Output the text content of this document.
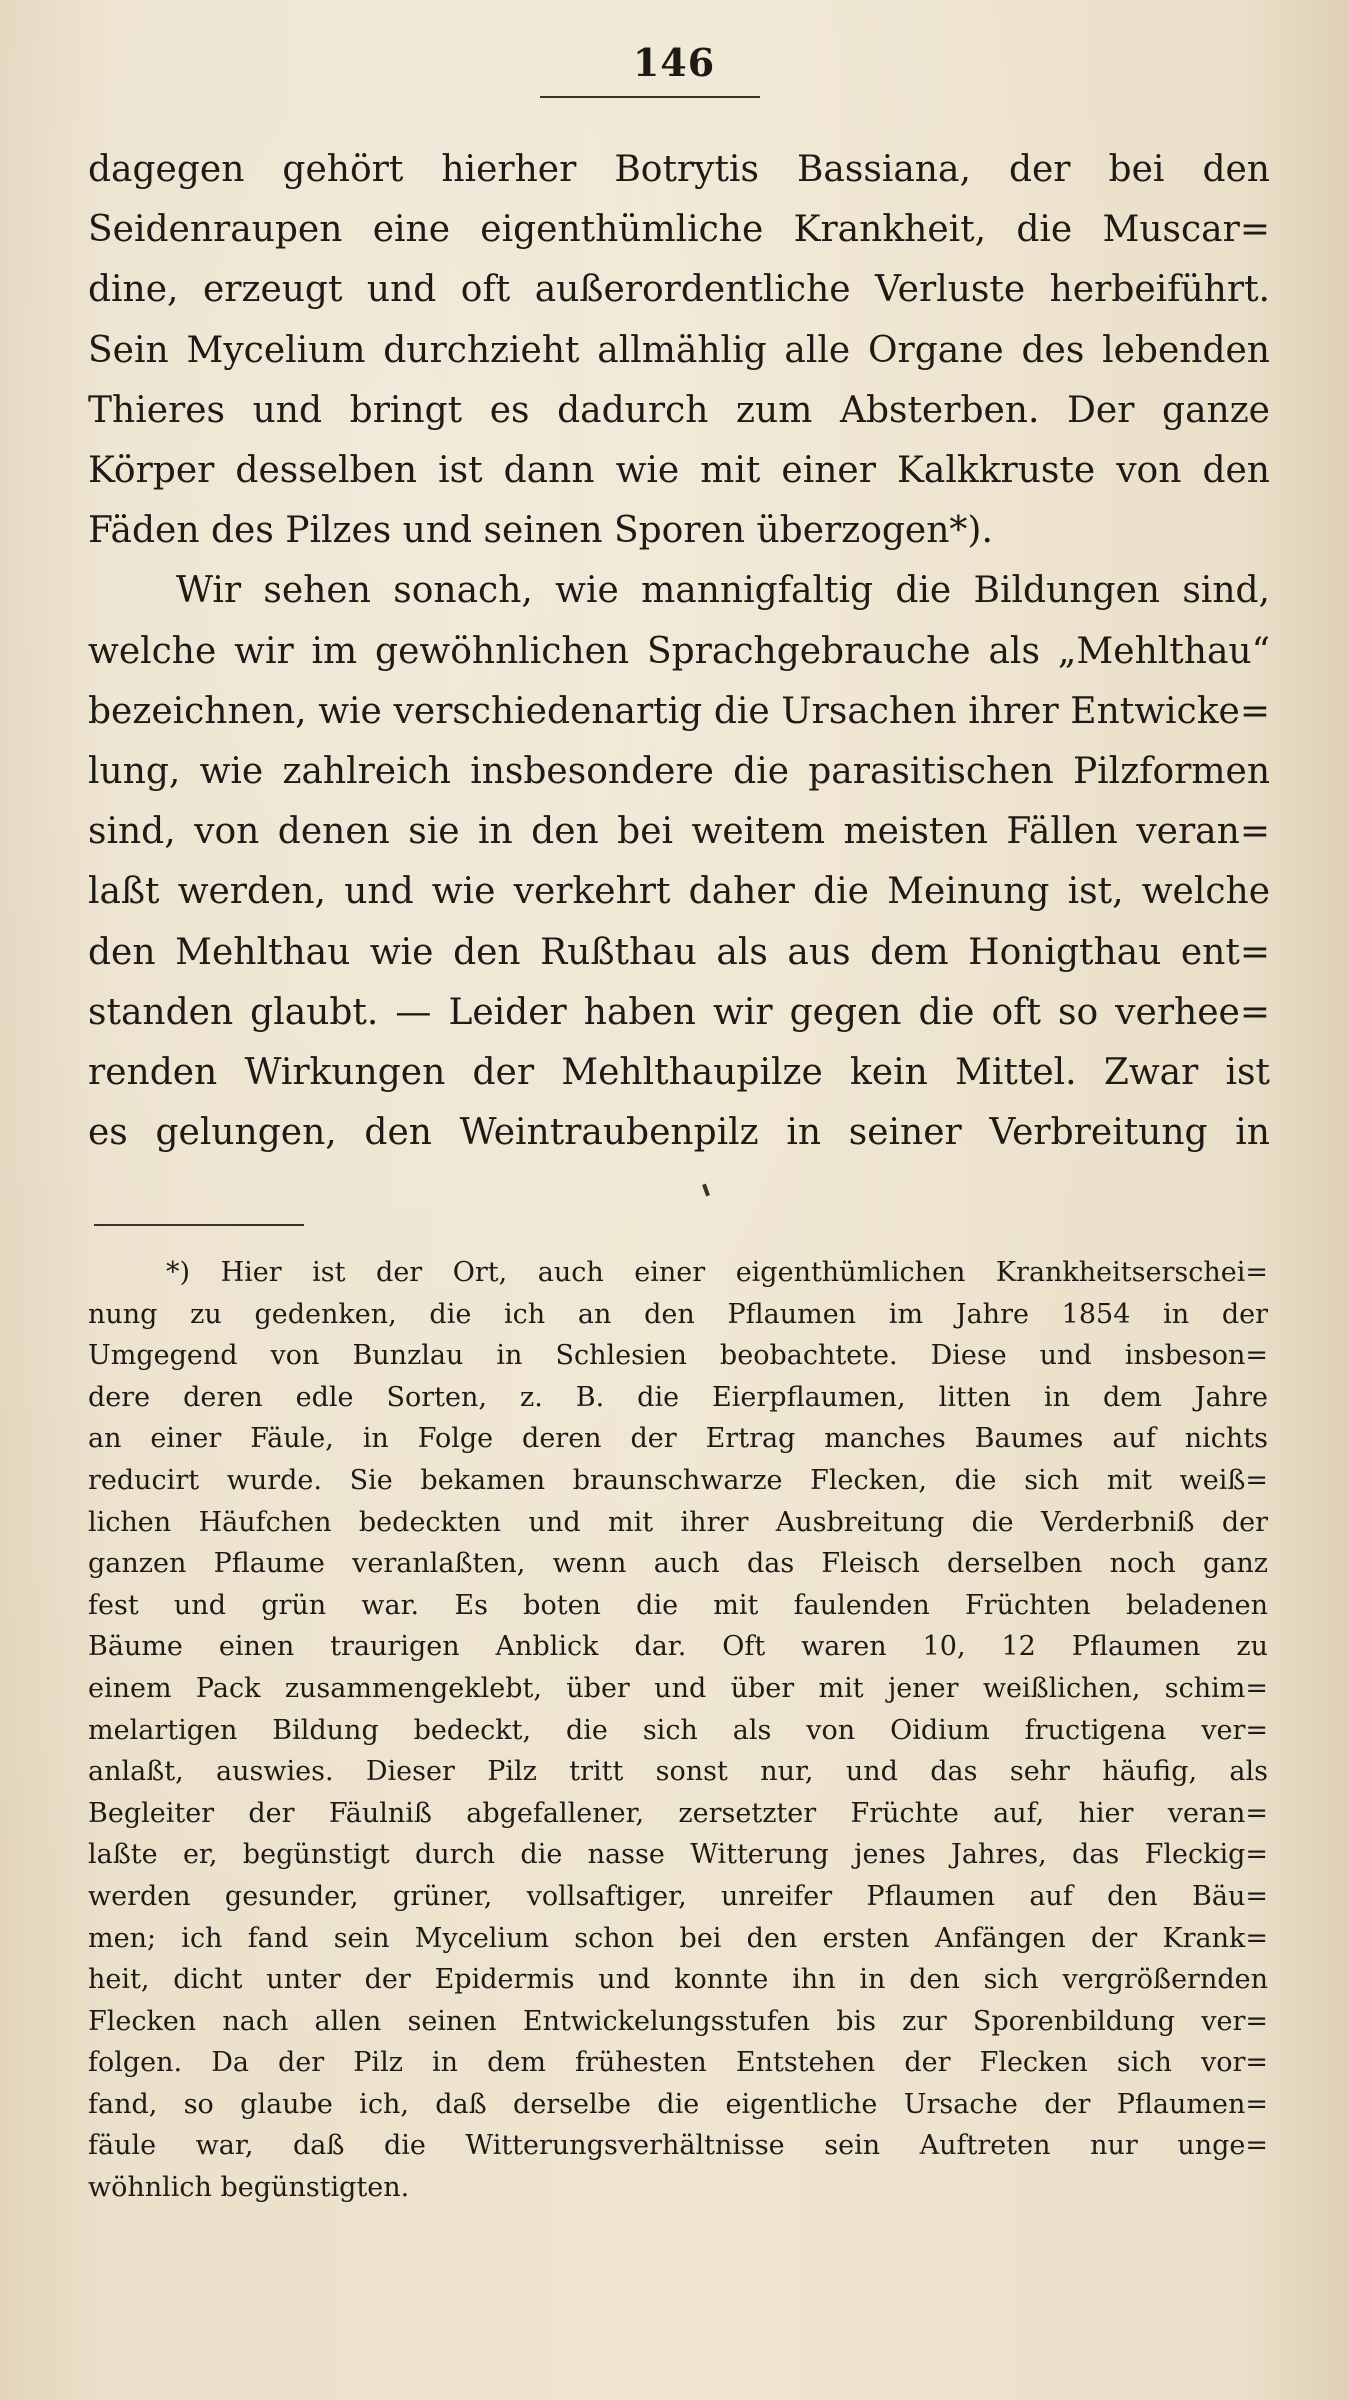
146
dagegen gehört hierher Botrytis Bassiana, der bei den
Seidenraupen eine eigenthümliche Krankheit, die Muscar=
dine, erzeugt und oft außerordentliche Verluste herbeiführt.
Sein Mycelium durchzieht allmählig alle Organe des lebenden
Thieres und bringt es dadurch zum Absterben. Der ganze
Körper desselben ist dann wie mit einer Kalkkruste von den
Fäden des Pilzes und seinen Sporen überzogen*).
Wir sehen sonach, wie mannigfaltig die Bildungen sind,
welche wir im gewöhnlichen Sprachgebrauche als „Mehlthau“
bezeichnen, wie verschiedenartig die Ursachen ihrer Entwicke=
lung, wie zahlreich insbesondere die parasitischen Pilzformen
sind, von denen sie in den bei weitem meisten Fällen veran=
laßt werden, und wie verkehrt daher die Meinung ist, welche
den Mehlthau wie den Rußthau als aus dem Honigthau ent=
standen glaubt. — Leider haben wir gegen die oft so verhee=
renden Wirkungen der Mehlthaupilze kein Mittel. Zwar ist
es gelungen, den Weintraubenpilz in seiner Verbreitung in
*) Hier ist der Ort, auch einer eigenthümlichen Krankheitserschei=
nung zu gedenken, die ich an den Pflaumen im Jahre 1854 in der
Umgegend von Bunzlau in Schlesien beobachtete. Diese und insbeson=
dere deren edle Sorten, z. B. die Eierpflaumen, litten in dem Jahre
an einer Fäule, in Folge deren der Ertrag manches Baumes auf nichts
reducirt wurde. Sie bekamen braunschwarze Flecken, die sich mit weiß=
lichen Häufchen bedeckten und mit ihrer Ausbreitung die Verderbniß der
ganzen Pflaume veranlaßten, wenn auch das Fleisch derselben noch ganz
fest und grün war. Es boten die mit faulenden Früchten beladenen
Bäume einen traurigen Anblick dar. Oft waren 10, 12 Pflaumen zu
einem Pack zusammengeklebt, über und über mit jener weißlichen, schim=
melartigen Bildung bedeckt, die sich als von Oidium fructigena ver=
anlaßt, auswies. Dieser Pilz tritt sonst nur, und das sehr häufig, als
Begleiter der Fäulniß abgefallener, zersetzter Früchte auf, hier veran=
laßte er, begünstigt durch die nasse Witterung jenes Jahres, das Fleckig=
werden gesunder, grüner, vollsaftiger, unreifer Pflaumen auf den Bäu=
men; ich fand sein Mycelium schon bei den ersten Anfängen der Krank=
heit, dicht unter der Epidermis und konnte ihn in den sich vergrößernden
Flecken nach allen seinen Entwickelungsstufen bis zur Sporenbildung ver=
folgen. Da der Pilz in dem frühesten Entstehen der Flecken sich vor=
fand, so glaube ich, daß derselbe die eigentliche Ursache der Pflaumen=
fäule war, daß die Witterungsverhältnisse sein Auftreten nur unge=
wöhnlich begünstigten.
